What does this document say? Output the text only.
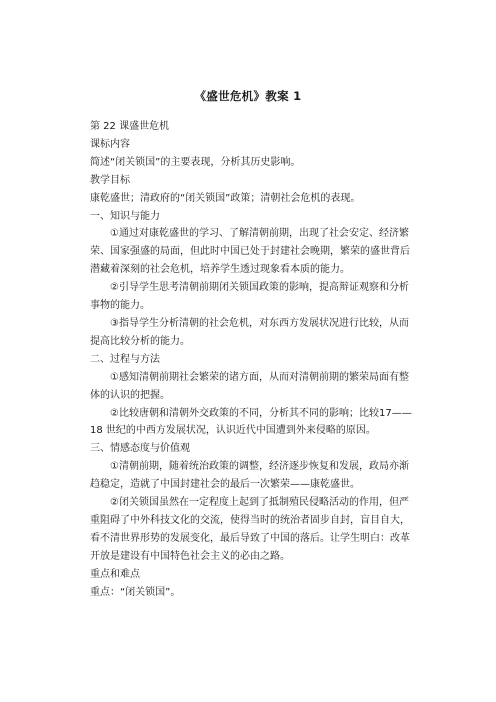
《盛世危机》教案 1

第 22 课盛世危机

课标内容

简述“闭关锁国”的主要表现，分析其历史影响。

教学目标

康乾盛世；清政府的“闭关锁国”政策；清朝社会危机的表现。

一、知识与能力

①通过对康乾盛世的学习、了解清朝前期，出现了社会安定、经济繁荣、国家强盛的局面，但此时中国已处于封建社会晚期，繁荣的盛世背后潜藏着深刻的社会危机，培养学生透过现象看本质的能力。

②引导学生思考清朝前期闭关锁国政策的影响，提高辩证观察和分析事物的能力。

③指导学生分析清朝的社会危机，对东西方发展状况进行比较，从而提高比较分析的能力。

二、过程与方法

①感知清朝前期社会繁荣的诸方面，从而对清朝前期的繁荣局面有整体的认识的把握。

②比较唐朝和清朝外交政策的不同，分析其不同的影响；比较17——18 世纪的中西方发展状况，认识近代中国遭到外来侵略的原因。

三、情感态度与价值观

①清朝前期，随着统治政策的调整，经济逐步恢复和发展，政局亦渐趋稳定，造就了中国封建社会的最后一次繁荣——康乾盛世。

②闭关锁国虽然在一定程度上起到了抵制殖民侵略活动的作用，但严重阻碍了中外科技文化的交流，使得当时的统治者固步自封，盲目自大，看不清世界形势的发展变化，最后导致了中国的落后。让学生明白：改革开放是建设有中国特色社会主义的必由之路。

重点和难点

重点：“闭关锁国”。
